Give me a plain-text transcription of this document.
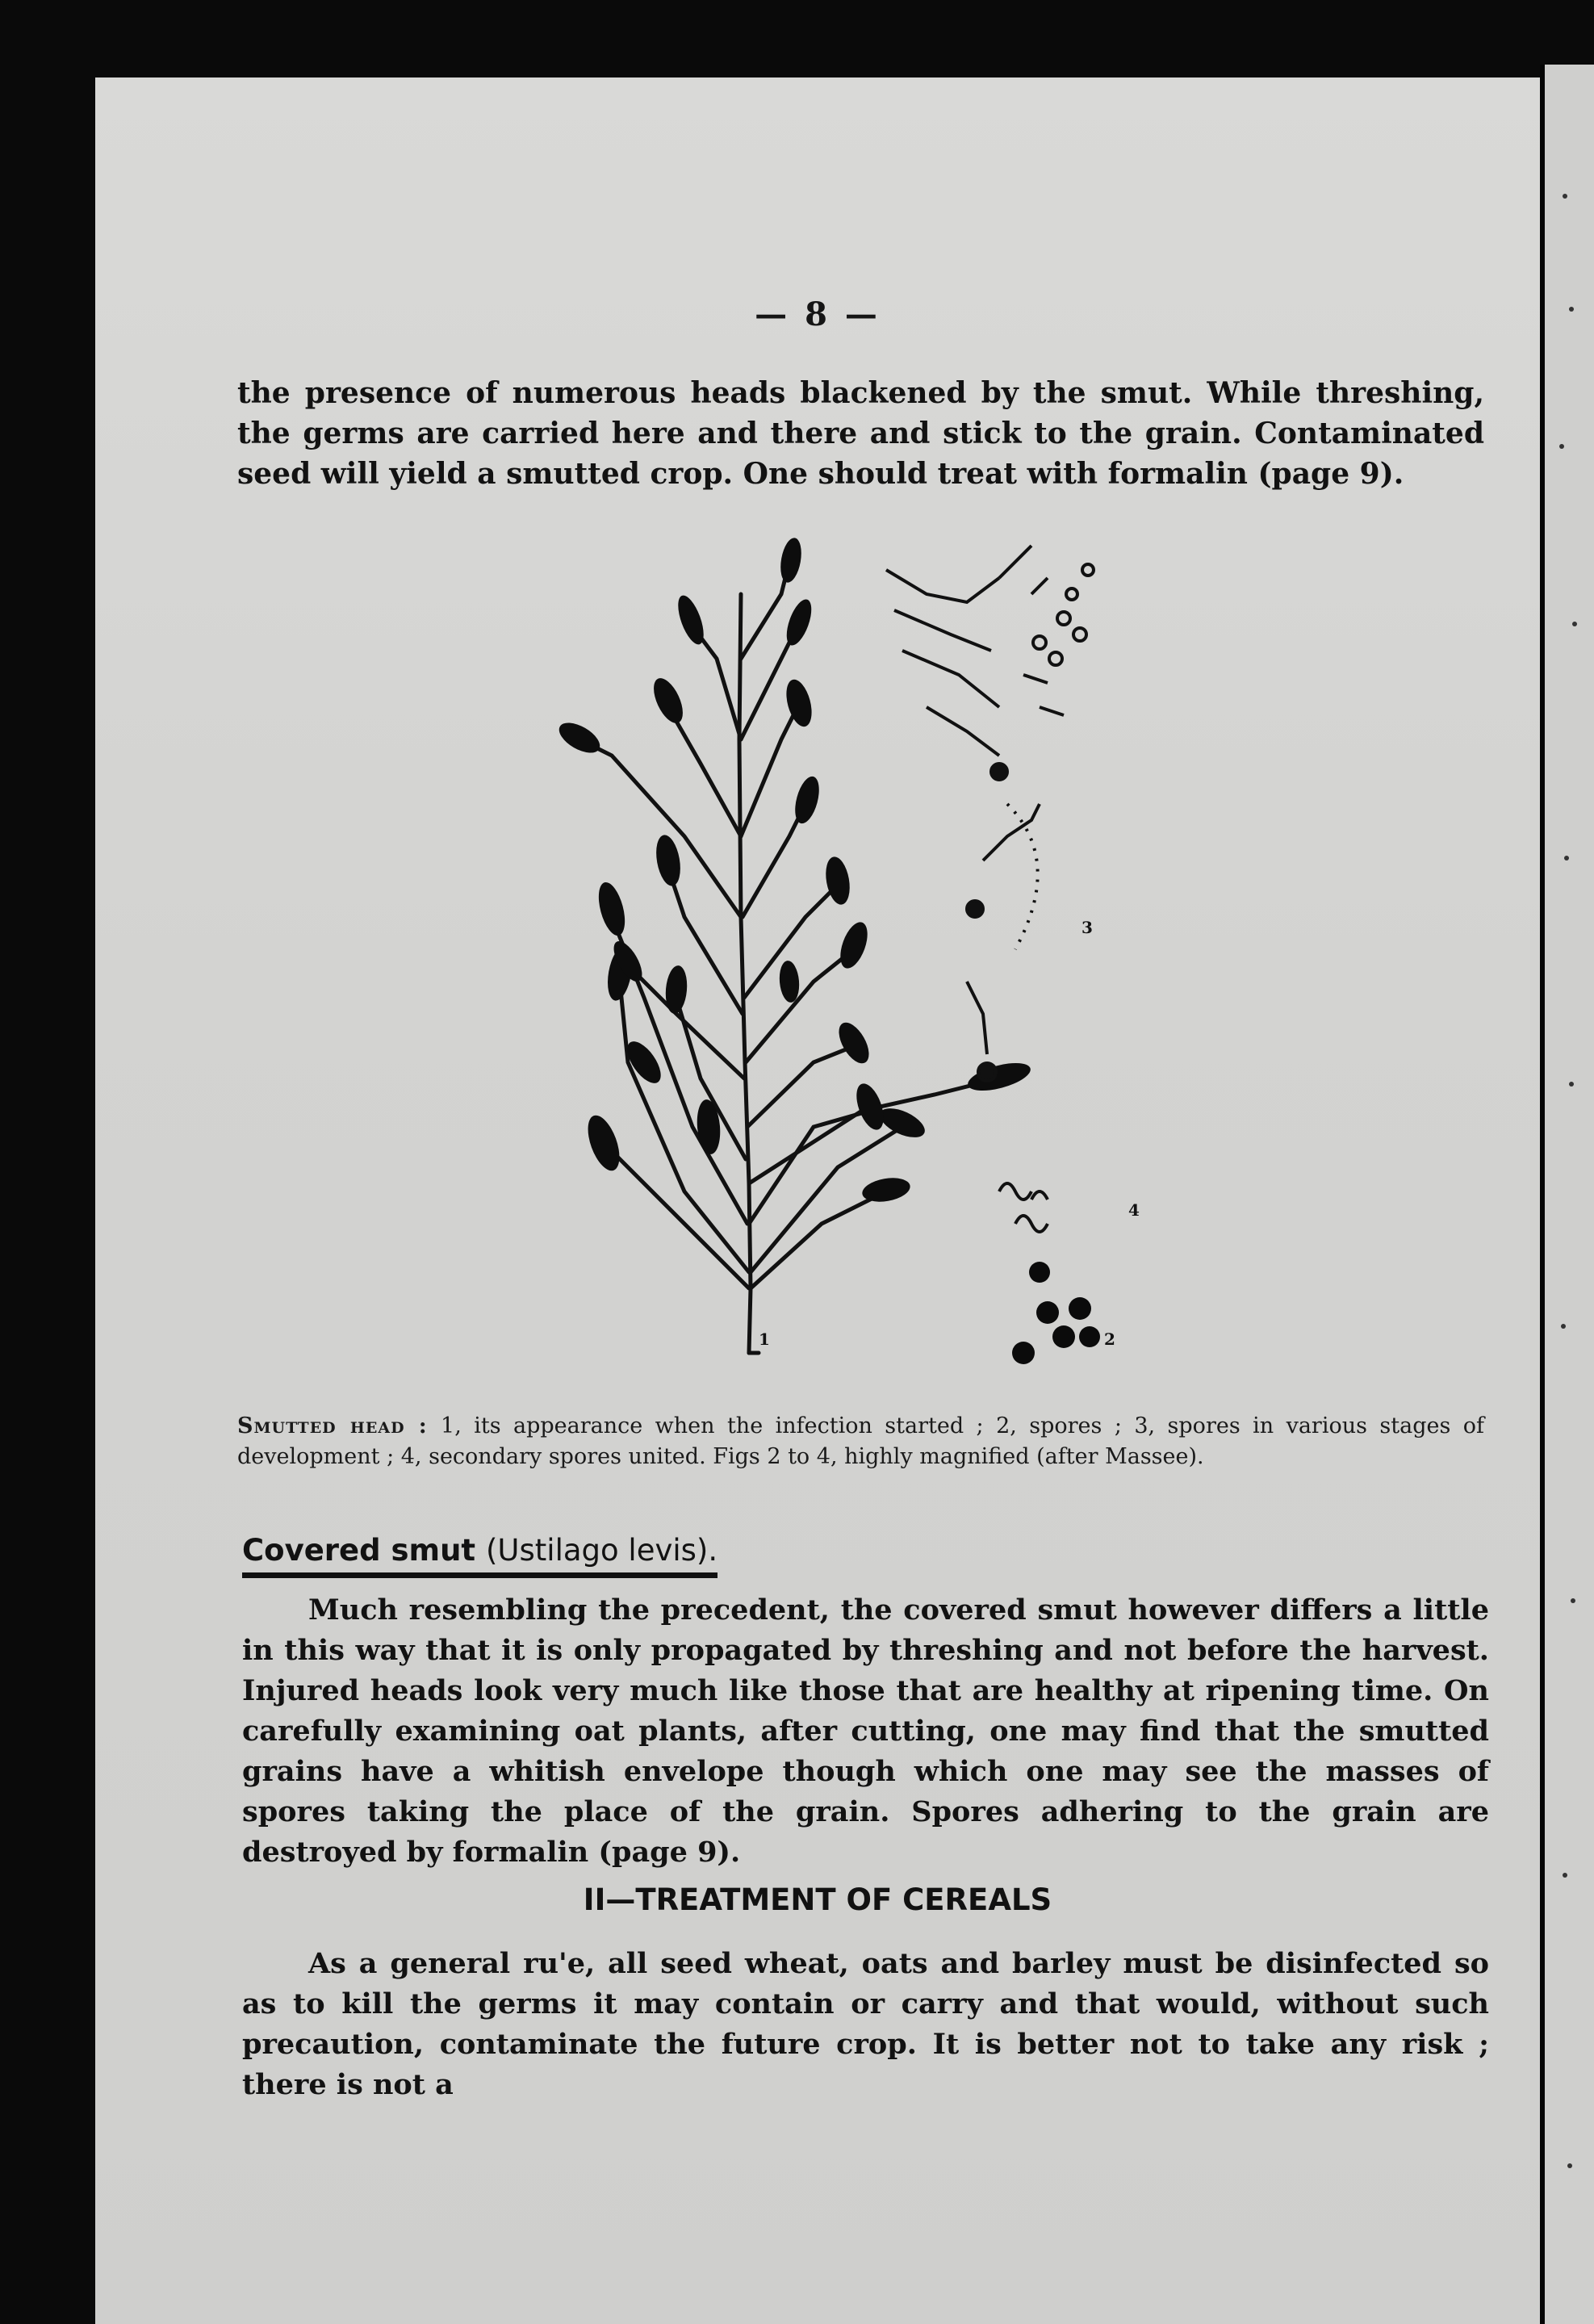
— 8 —
the presence of numerous heads blackened by the smut. While threshing, the germs are carried here and there and stick to the grain. Contaminated seed will yield a smutted crop. One should treat with formalin (page 9).
1	2
3
4
Smutted head : 1, its appearance when the infection started ; 2, spores ; 3, spores in various stages of development ; 4, secondary spores united. Figs 2 to 4, highly magnified (after Massee).
Covered smut (Ustilago levis).
Much resembling the precedent, the covered smut however differs a little in this way that it is only propagated by threshing and not before the harvest. Injured heads look very much like those that are healthy at ripening time. On carefully examining oat plants, after cutting, one may find that the smutted grains have a whitish envelope though which one may see the masses of spores taking the place of the grain. Spores adhering to the grain are destroyed by formalin (page 9).
II—TREATMENT OF CEREALS
As a general ru'e, all seed wheat, oats and barley must be disinfected so as to kill the germs it may contain or carry and that would, without such precaution, contaminate the future crop. It is better not to take any risk ; there is not a
